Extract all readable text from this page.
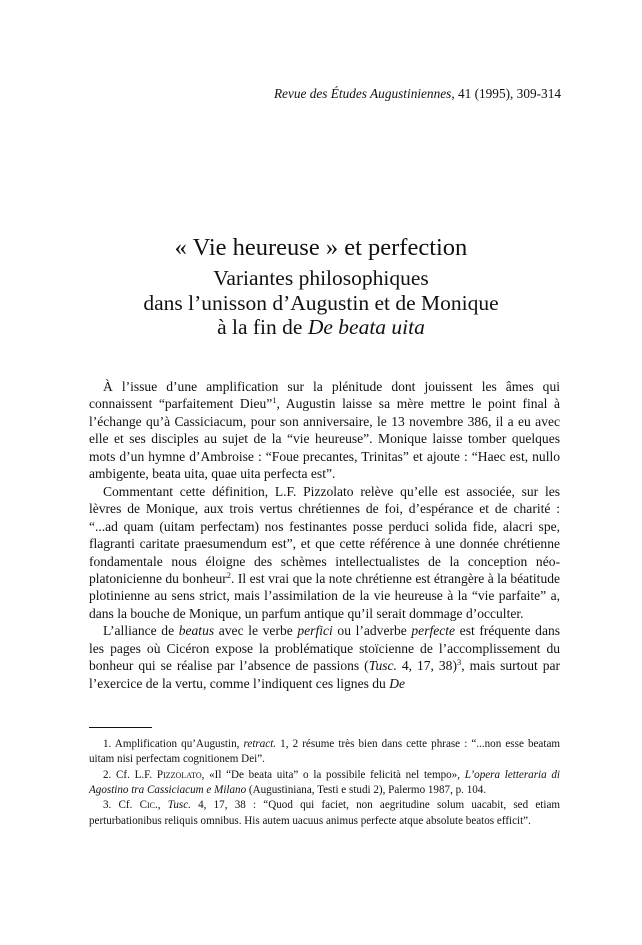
Revue des Études Augustiniennes, 41 (1995), 309-314
« Vie heureuse » et perfection
Variantes philosophiques
dans l’unisson d’Augustin et de Monique
à la fin de De beata uita

À l’issue d’une amplification sur la plénitude dont jouissent les âmes qui connaissent “parfaitement Dieu”$^1$, Augustin laisse sa mère mettre le point final à l’échange qu’à Cassiciacum, pour son anniversaire, le 13 novembre 386, il a eu avec elle et ses disciples au sujet de la “vie heureuse”. Monique laisse tomber quelques mots d’un hymne d’Ambroise : “Foue precantes, Trinitas” et ajoute : “Haec est, nullo ambigente, beata uita, quae uita perfecta est”.

Commentant cette définition, L.F. Pizzolato relève qu’elle est associée, sur les lèvres de Monique, aux trois vertus chrétiennes de foi, d’espérance et de charité : “...ad quam (uitam perfectam) nos festinantes posse perduci solida fide, alacri spe, flagranti caritate praesumendum est”, et que cette référence à une donnée chrétienne fondamentale nous éloigne des schèmes intellectualistes de la conception néo-platonicienne du bonheur$^2$. Il est vrai que la note chrétienne est étrangère à la béatitude plotinienne au sens strict, mais l’assimilation de la vie heureuse à la “vie parfaite” a, dans la bouche de Monique, un parfum antique qu’il serait dommage d’occulter.

L’alliance de beatus avec le verbe perfici ou l’adverbe perfecte est fréquente dans les pages où Cicéron expose la problématique stoïcienne de l’accomplissement du bonheur qui se réalise par l’absence de passions (Tusc. 4, 17, 38)$^3$, mais surtout par l’exercice de la vertu, comme l’indiquent ces lignes du De

1. Amplification qu’Augustin, retract. 1, 2 résume très bien dans cette phrase : “...non esse beatam uitam nisi perfectam cognitionem Dei”.

2. Cf. L.F. Pizzolato, «Il “De beata uita” o la possibile felicità nel tempo», L’opera letteraria di Agostino tra Cassiciacum e Milano (Augustiniana, Testi e studi 2), Palermo 1987, p. 104.

3. Cf. Cic., Tusc. 4, 17, 38 : “Quod qui faciet, non aegritudine solum uacabit, sed etiam perturbationibus reliquis omnibus. His autem uacuus animus perfecte atque absolute beatos efficit”.
